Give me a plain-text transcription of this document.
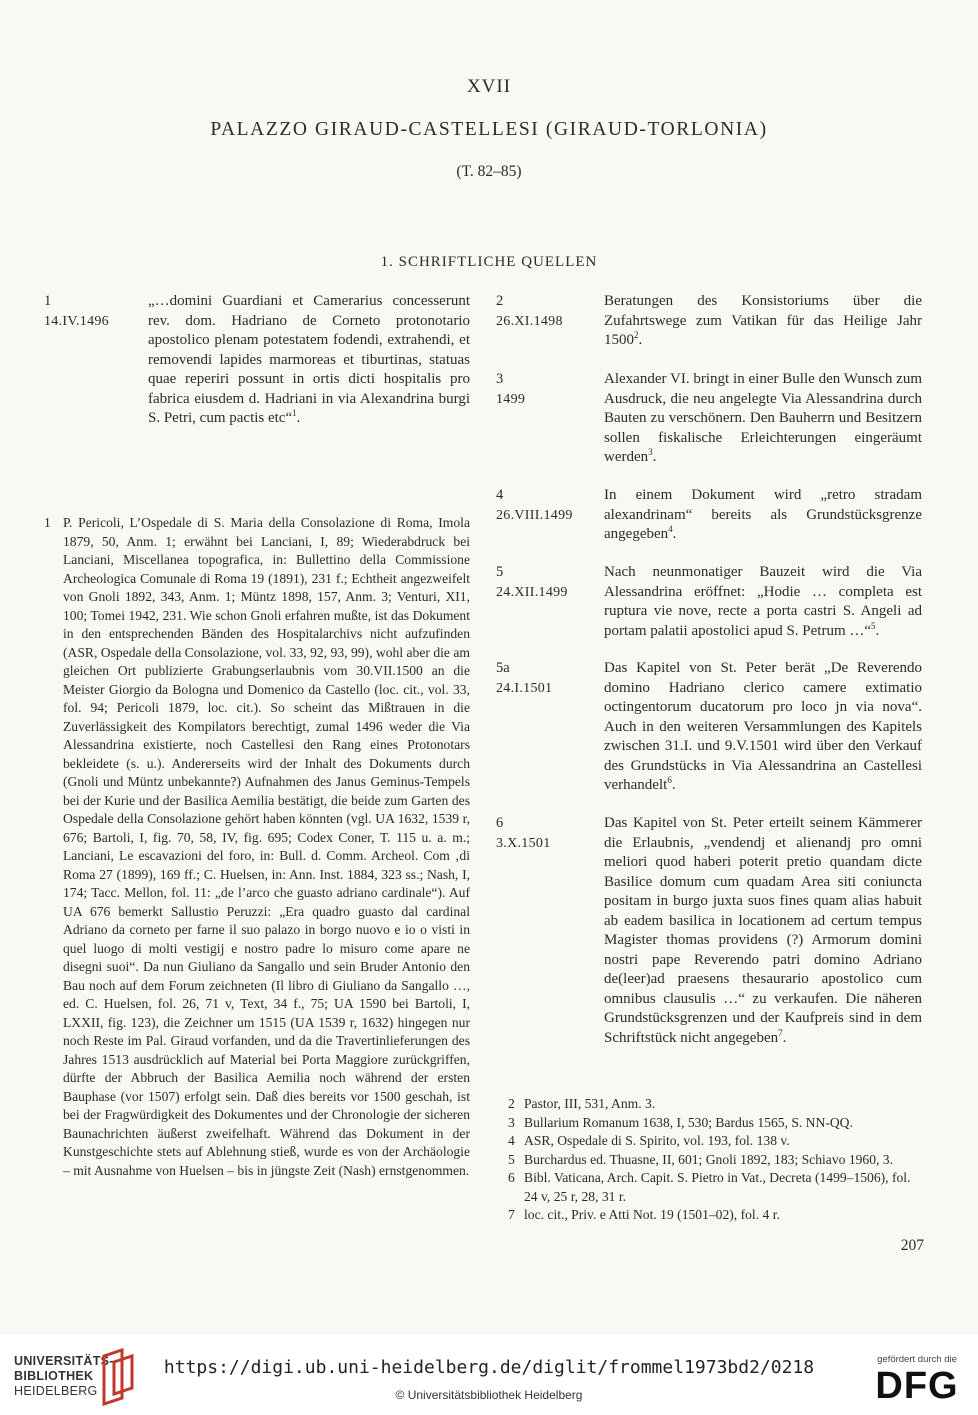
XVII
PALAZZO GIRAUD-CASTELLESI (GIRAUD-TORLONIA)
(T. 82–85)
1. SCHRIFTLICHE QUELLEN
1
14.IV.1496
„…domini Guardiani et Camerarius concesserunt rev. dom. Hadriano de Corneto protonotario apostolico plenam potestatem fodendi, extrahendi, et removendi lapides marmoreas et tiburtinas, statuas quae reperiri possunt in ortis dicti hospitalis pro fabrica eiusdem d. Hadriani in via Alexandrina burgi S. Petri, cum pactis etc“$^1$.
2
26.XI.1498
Beratungen des Konsistoriums über die Zufahrtswege zum Vatikan für das Heilige Jahr 1500$^2$.
3
1499
Alexander VI. bringt in einer Bulle den Wunsch zum Ausdruck, die neu angelegte Via Alessandrina durch Bauten zu verschönern. Den Bauherrn und Besitzern sollen fiskalische Erleichterungen eingeräumt werden$^3$.
4
26.VIII.1499
In einem Dokument wird „retro stradam alexandrinam“ bereits als Grundstücksgrenze angegeben$^4$.
5
24.XII.1499
Nach neunmonatiger Bauzeit wird die Via Alessandrina eröffnet: „Hodie … completa est ruptura vie nove, recte a porta castri S. Angeli ad portam palatii apostolici apud S. Petrum …“$^5$.
5a
24.I.1501
Das Kapitel von St. Peter berät „De Reverendo domino Hadriano clerico camere extimatio octingentorum ducatorum pro loco jn via nova“. Auch in den weiteren Versammlungen des Kapitels zwischen 31.I. und 9.V.1501 wird über den Verkauf des Grundstücks in Via Alessandrina an Castellesi verhandelt$^6$.
6
3.X.1501
Das Kapitel von St. Peter erteilt seinem Kämmerer die Erlaubnis, „vendendj et alienandj pro omni meliori quod haberi poterit pretio quandam dicte Basilice domum cum quadam Area siti coniuncta positam in burgo juxta suos fines quam alias habuit ab eadem basilica in locationem ad certum tempus Magister thomas providens (?) Armorum domini nostri pape Reverendo patri domino Adriano de(leer)ad praesens thesaurario apostolico cum omnibus clausulis …“ zu verkaufen. Die näheren Grundstücksgrenzen und der Kaufpreis sind in dem Schriftstück nicht angegeben$^7$.
1 P. Pericoli, L’Ospedale di S. Maria della Consolazione di Roma, Imola 1879, 50, Anm. 1; erwähnt bei Lanciani, I, 89; Wiederabdruck bei Lanciani, Miscellanea topografica, in: Bullettino della Commissione Archeologica Comunale di Roma 19 (1891), 231 f.; Echtheit angezweifelt von Gnoli 1892, 343, Anm. 1; Müntz 1898, 157, Anm. 3; Venturi, XI1, 100; Tomei 1942, 231. Wie schon Gnoli erfahren mußte, ist das Dokument in den entsprechenden Bänden des Hospitalarchivs nicht aufzufinden (ASR, Ospedale della Consolazione, vol. 33, 92, 93, 99), wohl aber die am gleichen Ort publizierte Grabungserlaubnis vom 30.VII.1500 an die Meister Giorgio da Bologna und Domenico da Castello (loc. cit., vol. 33, fol. 94; Pericoli 1879, loc. cit.). So scheint das Mißtrauen in die Zuverlässigkeit des Kompilators berechtigt, zumal 1496 weder die Via Alessandrina existierte, noch Castellesi den Rang eines Protonotars bekleidete (s. u.). Andererseits wird der Inhalt des Dokuments durch (Gnoli und Müntz unbekannte?) Aufnahmen des Janus Geminus-Tempels bei der Kurie und der Basilica Aemilia bestätigt, die beide zum Garten des Ospedale della Consolazione gehört haben könnten (vgl. UA 1632, 1539 r, 676; Bartoli, I, fig. 70, 58, IV, fig. 695; Codex Coner, T. 115 u. a. m.; Lanciani, Le escavazioni del foro, in: Bull. d. Comm. Archeol. Com ‚di Roma 27 (1899), 169 ff.; C. Huelsen, in: Ann. Inst. 1884, 323 ss.; Nash, I, 174; Tacc. Mellon, fol. 11: „de l’arco che guasto adriano cardinale“). Auf UA 676 bemerkt Sallustio Peruzzi: „Era quadro guasto dal cardinal Adriano da corneto per farne il suo palazo in borgo nuovo e io o visti in quel luogo di molti vestigij e nostro padre lo misuro come apare ne disegni suoi“. Da nun Giuliano da Sangallo und sein Bruder Antonio den Bau noch auf dem Forum zeichneten (Il libro di Giuliano da Sangallo …, ed. C. Huelsen, fol. 26, 71 v, Text, 34 f., 75; UA 1590 bei Bartoli, I, LXXII, fig. 123), die Zeichner um 1515 (UA 1539 r, 1632) hingegen nur noch Reste im Pal. Giraud vorfanden, und da die Travertinlieferungen des Jahres 1513 ausdrücklich auf Material bei Porta Maggiore zurückgriffen, dürfte der Abbruch der Basilica Aemilia noch während der ersten Bauphase (vor 1507) erfolgt sein. Daß dies bereits vor 1500 geschah, ist bei der Fragwürdigkeit des Dokumentes und der Chronologie der sicheren Baunachrichten äußerst zweifelhaft. Während das Dokument in der Kunstgeschichte stets auf Ablehnung stieß, wurde es von der Archäologie – mit Ausnahme von Huelsen – bis in jüngste Zeit (Nash) ernstgenommen.
2 Pastor, III, 531, Anm. 3.
3 Bullarium Romanum 1638, I, 530; Bardus 1565, S. NN-QQ.
4 ASR, Ospedale di S. Spirito, vol. 193, fol. 138 v.
5 Burchardus ed. Thuasne, II, 601; Gnoli 1892, 183; Schiavo 1960, 3.
6 Bibl. Vaticana, Arch. Capit. S. Pietro in Vat., Decreta (1499–1506), fol. 24 v, 25 r, 28, 31 r.
7 loc. cit., Priv. e Atti Not. 19 (1501–02), fol. 4 r.
207
UNIVERSITÄTS-
BIBLIOTHEK
HEIDELBERG
https://digi.ub.uni-heidelberg.de/diglit/frommel1973bd2/0218
© Universitätsbibliothek Heidelberg
gefördert durch die
DFG
